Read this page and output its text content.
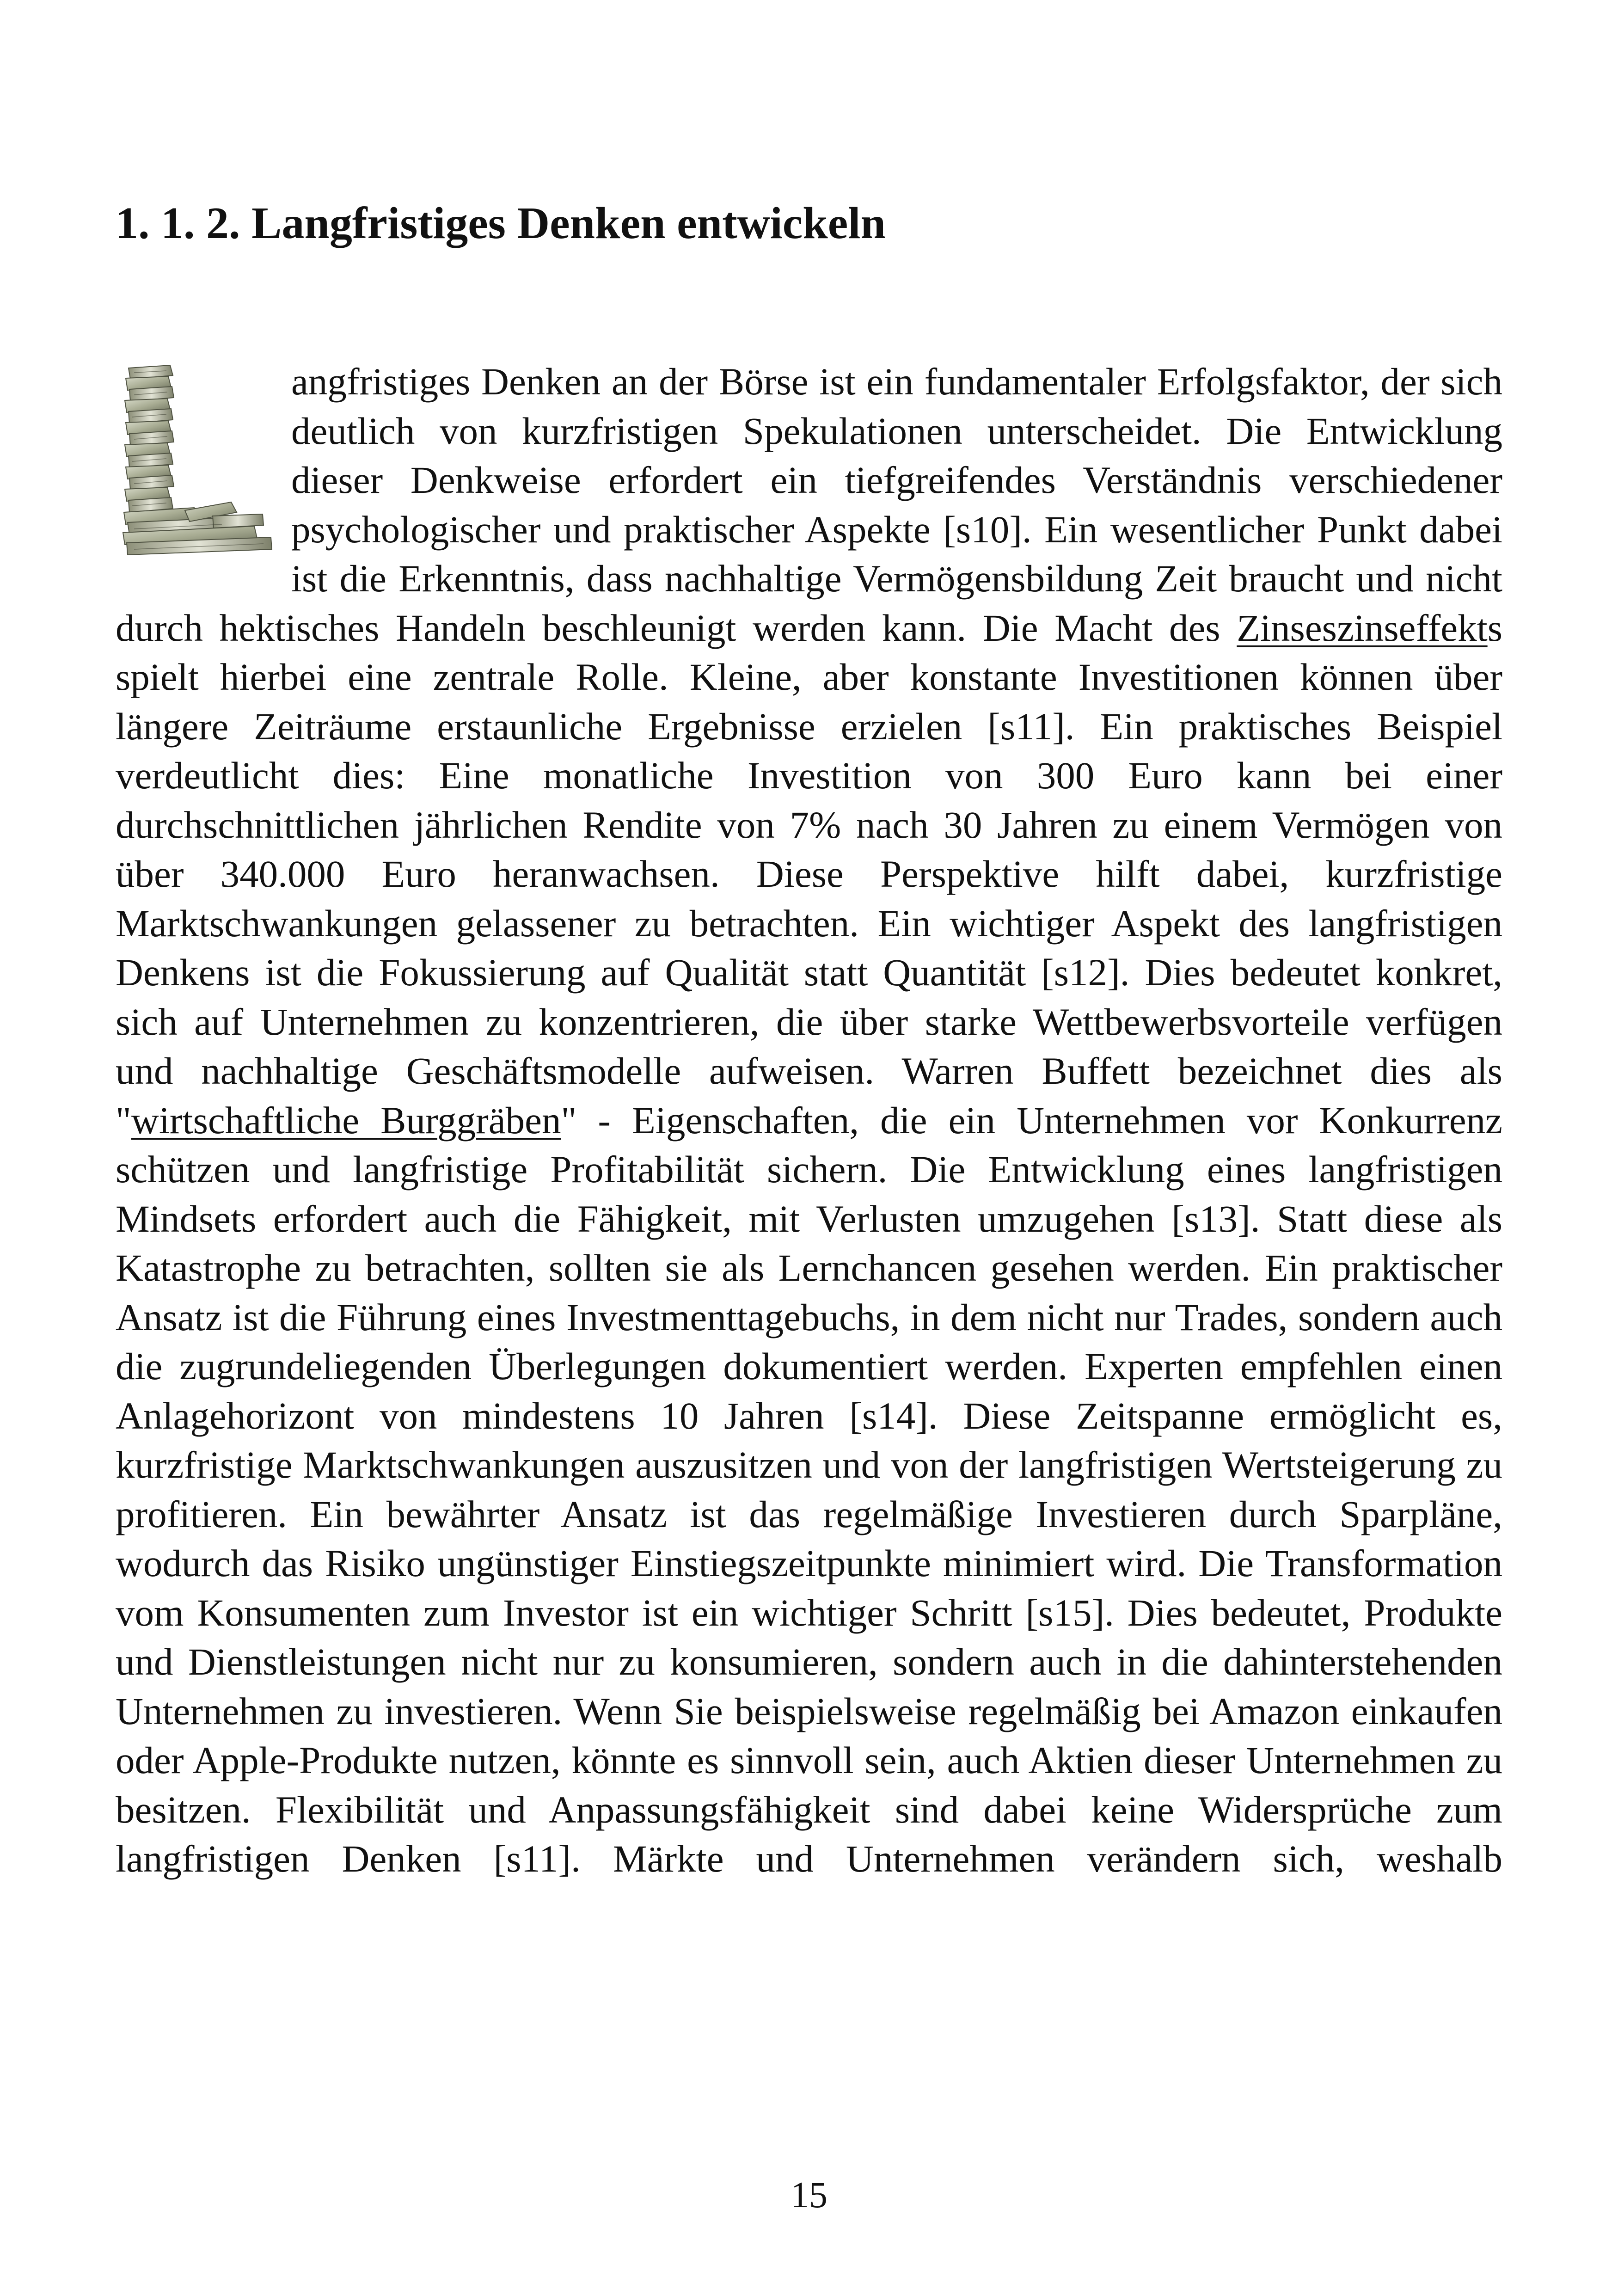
1. 1. 2. Langfristiges Denken entwickeln

angfristiges Denken an der Börse ist ein fundamentaler Erfolgsfaktor, der sich deutlich von kurzfristigen Spekulationen unterscheidet. Die Entwicklung dieser Denkweise erfordert ein tiefgreifendes Verständnis verschiedener psychologischer und praktischer Aspekte [s10]. Ein wesentlicher Punkt dabei ist die Erkenntnis, dass nachhaltige Vermögensbildung Zeit braucht und nicht durch hektisches Handeln beschleunigt werden kann. Die Macht des Zinseszinseffekts spielt hierbei eine zentrale Rolle. Kleine, aber konstante Investitionen können über längere Zeiträume erstaunliche Ergebnisse erzielen [s11]. Ein praktisches Beispiel verdeutlicht dies: Eine monatliche Investition von 300 Euro kann bei einer durchschnittlichen jährlichen Rendite von 7% nach 30 Jahren zu einem Vermögen von über 340.000 Euro heranwachsen. Diese Perspektive hilft dabei, kurzfristige Marktschwankungen gelassener zu betrachten. Ein wichtiger Aspekt des langfristigen Denkens ist die Fokussierung auf Qualität statt Quantität [s12]. Dies bedeutet konkret, sich auf Unternehmen zu konzentrieren, die über starke Wettbewerbsvorteile verfügen und nachhaltige Geschäftsmodelle aufweisen. Warren Buffett bezeichnet dies als "wirtschaftliche Burggräben" - Eigenschaften, die ein Unternehmen vor Konkurrenz schützen und langfristige Profitabilität sichern. Die Entwicklung eines langfristigen Mindsets erfordert auch die Fähigkeit, mit Verlusten umzugehen [s13]. Statt diese als Katastrophe zu betrachten, sollten sie als Lernchancen gesehen werden. Ein praktischer Ansatz ist die Führung eines Investmenttagebuchs, in dem nicht nur Trades, sondern auch die zugrundeliegenden Überlegungen dokumentiert werden. Experten empfehlen einen Anlagehorizont von mindestens 10 Jahren [s14]. Diese Zeitspanne ermöglicht es, kurzfristige Marktschwankungen auszusitzen und von der langfristigen Wertsteigerung zu profitieren. Ein bewährter Ansatz ist das regelmäßige Investieren durch Sparpläne, wodurch das Risiko ungünstiger Einstiegszeitpunkte minimiert wird. Die Transformation vom Konsumenten zum Investor ist ein wichtiger Schritt [s15]. Dies bedeutet, Produkte und Dienstleistungen nicht nur zu konsumieren, sondern auch in die dahinterstehenden Unternehmen zu investieren. Wenn Sie beispielsweise regelmäßig bei Amazon einkaufen oder Apple-Produkte nutzen, könnte es sinnvoll sein, auch Aktien dieser Unternehmen zu besitzen. Flexibilität und Anpassungsfähigkeit sind dabei keine Widersprüche zum langfristigen Denken [s11]. Märkte und Unternehmen verändern sich, weshalb

15
